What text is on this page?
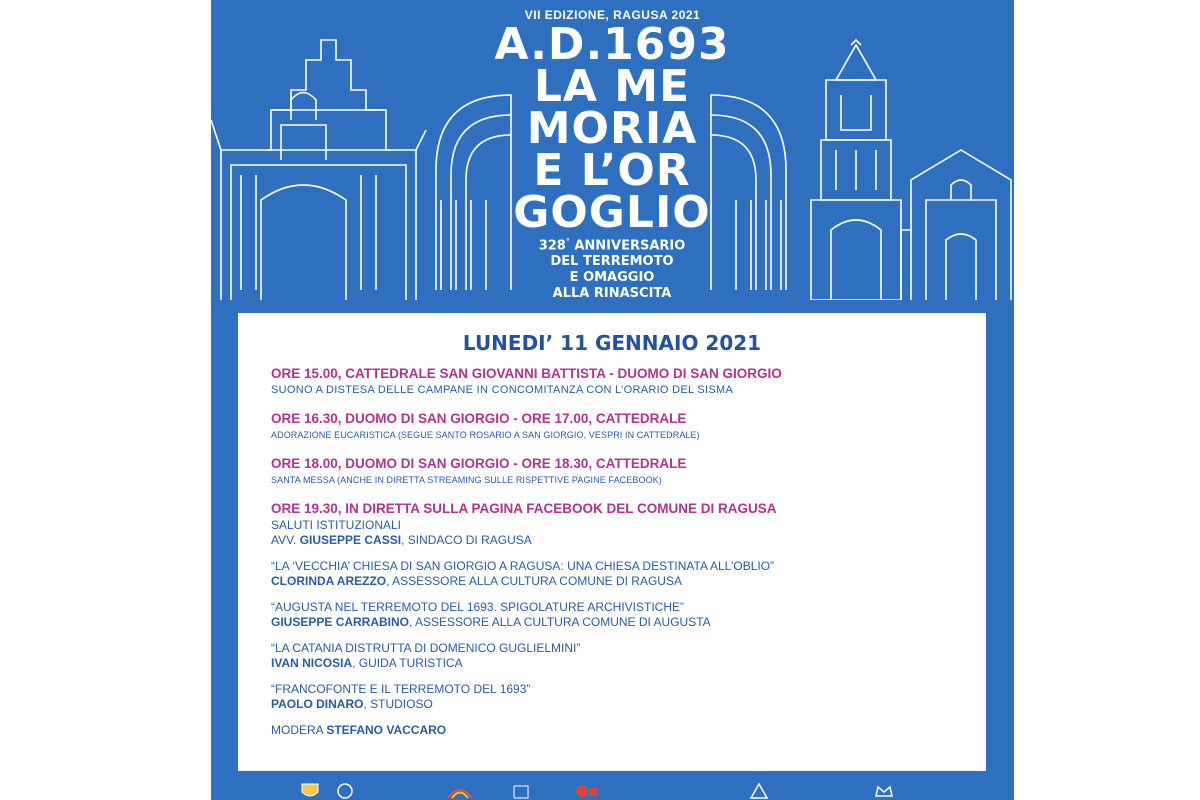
VII EDIZIONE, RAGUSA 2021
A.D.1693
LA ME
MORIA
E L’OR
GOGLIO
328° ANNIVERSARIO
DEL TERREMOTO
E OMAGGIO
ALLA RINASCITA
LUNEDI’ 11 GENNAIO 2021
ORE 15.00, CATTEDRALE SAN GIOVANNI BATTISTA - DUOMO DI SAN GIORGIO
SUONO A DISTESA DELLE CAMPANE IN CONCOMITANZA CON L’ORARIO DEL SISMA
ORE 16.30, DUOMO DI SAN GIORGIO - ORE 17.00, CATTEDRALE
ADORAZIONE EUCARISTICA (SEGUE SANTO ROSARIO A SAN GIORGIO, VESPRI IN CATTEDRALE)
ORE 18.00, DUOMO DI SAN GIORGIO - ORE 18.30, CATTEDRALE
SANTA MESSA (ANCHE IN DIRETTA STREAMING SULLE RISPETTIVE PAGINE FACEBOOK)
ORE 19.30, IN DIRETTA SULLA PAGINA FACEBOOK DEL COMUNE DI RAGUSA
SALUTI ISTITUZIONALI
AVV. GIUSEPPE CASSI, SINDACO DI RAGUSA
“LA ‘VECCHIA’ CHIESA DI SAN GIORGIO A RAGUSA: UNA CHIESA DESTINATA ALL’OBLIO”
CLORINDA AREZZO, ASSESSORE ALLA CULTURA COMUNE DI RAGUSA
“AUGUSTA NEL TERREMOTO DEL 1693. SPIGOLATURE ARCHIVISTICHE”
GIUSEPPE CARRABINO, ASSESSORE ALLA CULTURA COMUNE DI AUGUSTA
“LA CATANIA DISTRUTTA DI DOMENICO GUGLIELMINI”
IVAN NICOSIA, GUIDA TURISTICA
“FRANCOFONTE E IL TERREMOTO DEL 1693”
PAOLO DINARO, STUDIOSO
MODERA STEFANO VACCARO
